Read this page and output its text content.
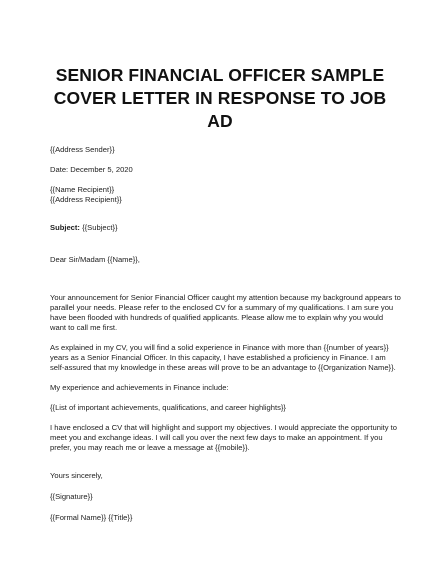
SENIOR FINANCIAL OFFICER SAMPLE
COVER LETTER IN RESPONSE TO JOB AD

{{Address Sender}}

Date: December 5, 2020

{{Name Recipient}}

{{Address Recipient}}

Subject: {{Subject}}

Dear Sir/Madam {{Name}},

Your announcement for Senior Financial Officer caught my attention because my background appears to
parallel your needs. Please refer to the enclosed CV for a summary of my qualifications. I am sure you
have been flooded with hundreds of qualified applicants. Please allow me to explain why you would
want to call me first.

As explained in my CV, you will find a solid experience in Finance with more than {{number of years}}
years as a Senior Financial Officer. In this capacity, I have established a proficiency in Finance. I am
self-assured that my knowledge in these areas will prove to be an advantage to {{Organization Name}}.

My experience and achievements in Finance include:

{{List of important achievements, qualifications, and career highlights}}

I have enclosed a CV that will highlight and support my objectives. I would appreciate the opportunity to
meet you and exchange ideas. I will call you over the next few days to make an appointment. If you
prefer, you may reach me or leave a message at {{mobile}}.

Yours sincerely,

{{Signature}}

{{Formal Name}} {{Title}}
